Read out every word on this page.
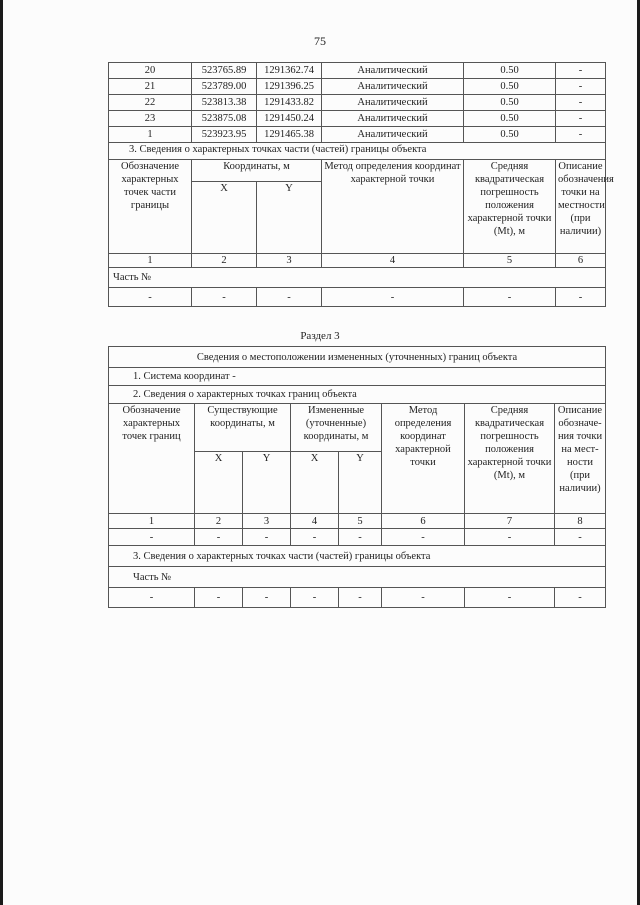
75
20	523765.89	1291362.74	Аналитический	0.50	-
21	523789.00	1291396.25	Аналитический	0.50	-
22	523813.38	1291433.82	Аналитический	0.50	-
23	523875.08	1291450.24	Аналитический	0.50	-
1	523923.95	1291465.38	Аналитический	0.50	-
3. Сведения о характерных точках части (частей) границы объекта					
Обозначение характерных точек части границы	Координаты, м		Метод определения координат характерной точки	Средняя квадратическая погрешность положения характерной точки (Mt), м	Описание обозначения точки на местности (при наличии)
	X	Y			
1	2	3	4	5	6
Часть №					
-	-	-	-	-	-
Раздел 3
Сведения о местоположении измененных (уточненных) границ объекта							
1. Система координат -							
2. Сведения о характерных точках границ объекта							
Обозначение характерных точек границ	Существующие координаты, м		Измененные (уточненные) координаты, м		Метод определения координат характерной точки	Средняя квадратическая погрешность положения характерной точки (Mt), м	Описание обозначе-ния точки на мест-ности (при наличии)
	X	Y	X	Y			
1	2	3	4	5	6	7	8
-	-	-	-	-	-	-	-
3. Сведения о характерных точках части (частей) границы объекта							
Часть №							
-	-	-	-	-	-	-	-
